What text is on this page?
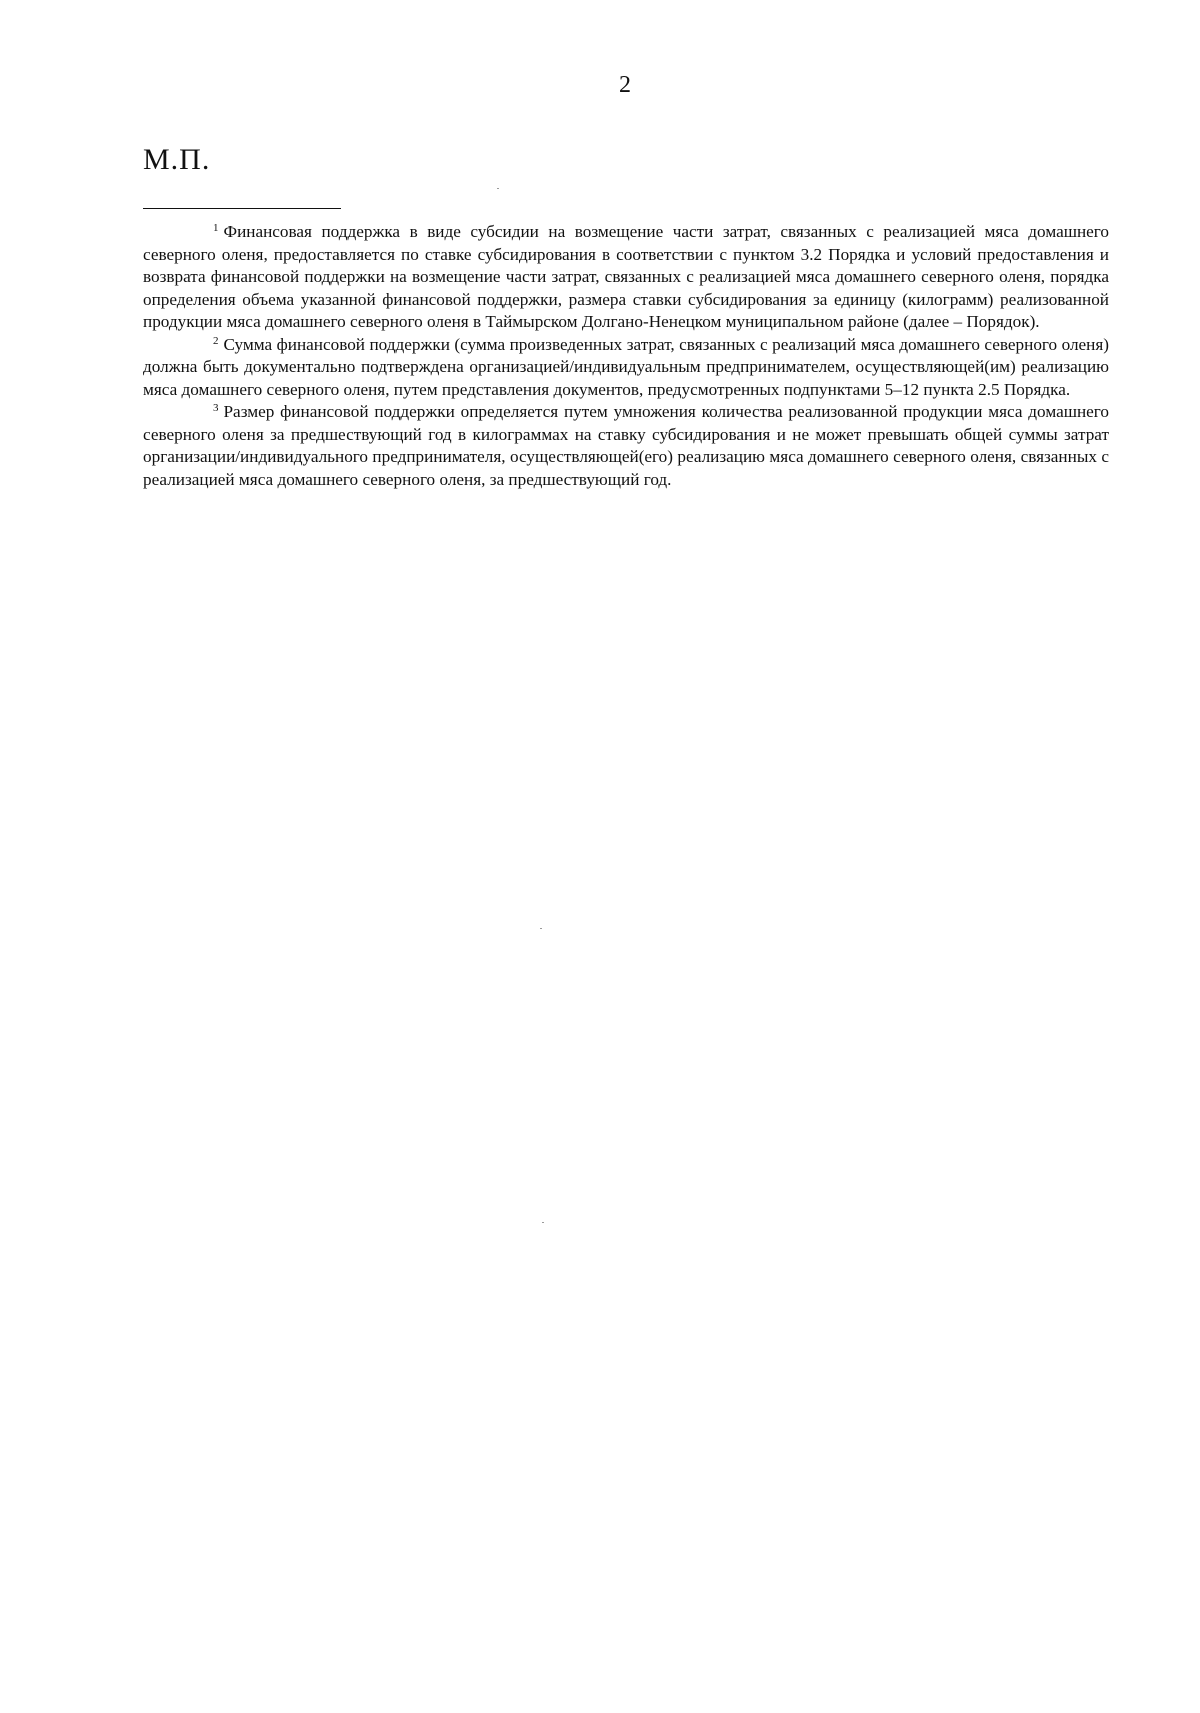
2
М.П.

$^1$ Финансовая поддержка в виде субсидии на возмещение части затрат, связанных с реализацией мяса домашнего северного оленя, предоставляется по ставке субсидирования в соответствии с пунктом 3.2 Порядка и условий предоставления и возврата финансовой поддержки на возмещение части затрат, связанных с реализацией мяса домашнего северного оленя, порядка определения объема указанной финансовой поддержки, размера ставки субсидирования за единицу (килограмм) реализованной продукции мяса домашнего северного оленя в Таймырском Долгано-Ненецком муниципальном районе (далее – Порядок).

$^2$ Сумма финансовой поддержки (сумма произведенных затрат, связанных с реализаций мяса домашнего северного оленя) должна быть документально подтверждена организацией/индивидуальным предпринимателем, осуществляющей(им) реализацию мяса домашнего северного оленя, путем представления документов, предусмотренных подпунктами 5–12 пункта 2.5 Порядка.

$^3$ Размер финансовой поддержки определяется путем умножения количества реализованной продукции мяса домашнего северного оленя за предшествующий год в килограммах на ставку субсидирования и не может превышать общей суммы затрат организации/индивидуального предпринимателя, осуществляющей(его) реализацию мяса домашнего северного оленя, связанных с реализацией мяса домашнего северного оленя, за предшествующий год.
